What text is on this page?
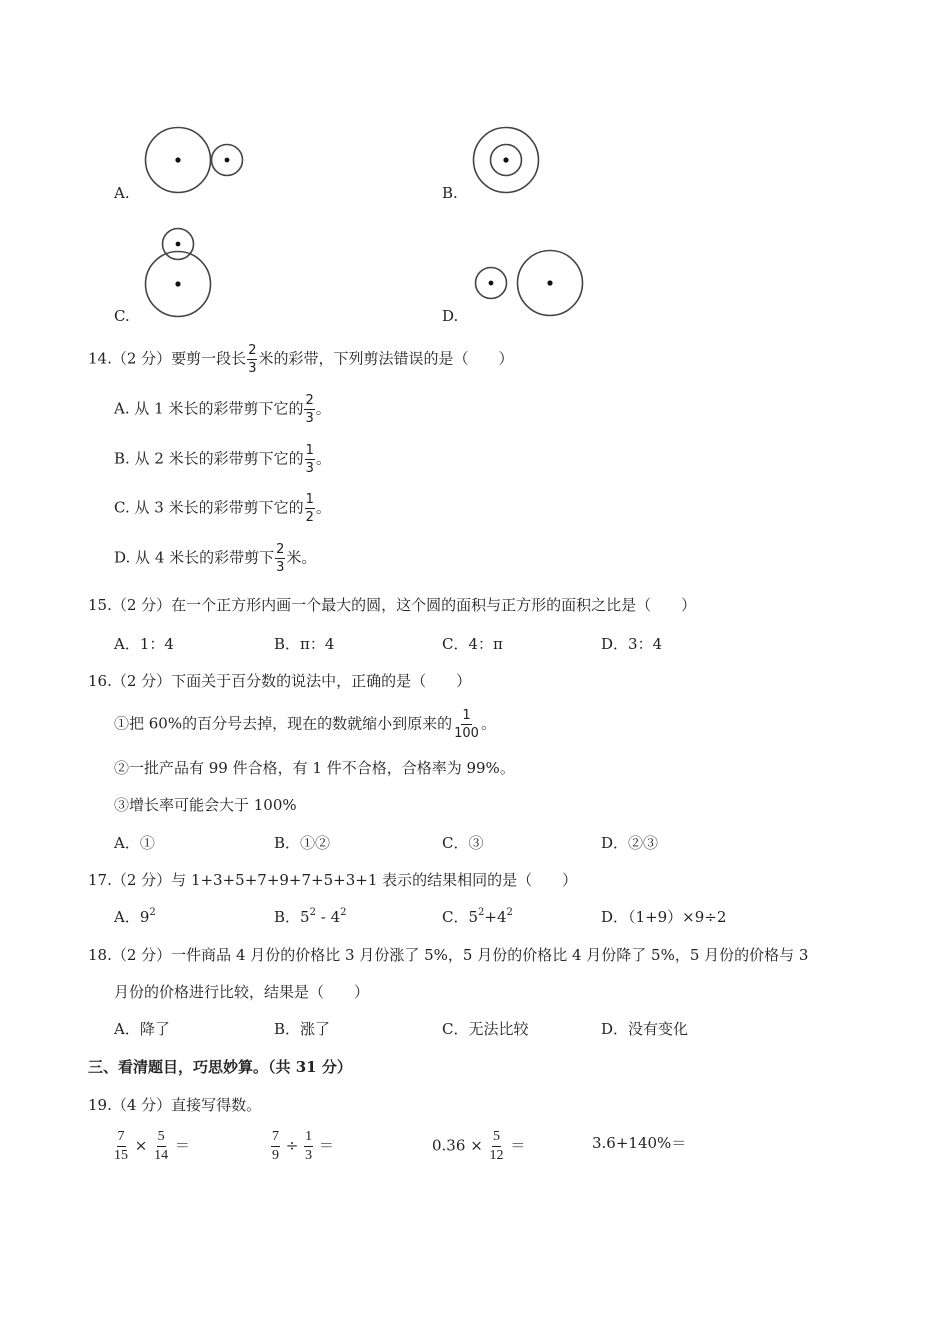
A.	B.
C.	D.
14.（2 分）要剪一段长 $\frac{2}{3}$ 米的彩带，下列剪法错误的是（　　）
A. 从 1 米长的彩带剪下它的 $\frac{2}{3}$ 。
B. 从 2 米长的彩带剪下它的 $\frac{1}{3}$ 。
C. 从 3 米长的彩带剪下它的 $\frac{1}{2}$ 。
D. 从 4 米长的彩带剪下 $\frac{2}{3}$ 米。
15.（2 分）在一个正方形内画一个最大的圆，这个圆的面积与正方形的面积之比是（　　）
A．1：4	B．π：4	C．4：π	D．3：4
16.（2 分）下面关于百分数的说法中，正确的是（　　）
①把 60%的百分号去掉，现在的数就缩小到原来的 $\frac{1}{100}$ 。
②一批产品有 99 件合格，有 1 件不合格，合格率为 99%。
③增长率可能会大于 100%
A．①	B．①②	C．③	D．②③
17.（2 分）与 1+3+5+7+9+7+5+3+1 表示的结果相同的是（　　）
A．$9^2$	B．$5^2 - 4^2$	C．$5^2+4^2$	D．（1+9）×9÷2
18.（2 分）一件商品 4 月份的价格比 3 月份涨了 5%，5 月份的价格比 4 月份降了 5%，5 月份的价格与 3
月份的价格进行比较，结果是（　　）
A．降了	B．涨了	C．无法比较	D．没有变化
三、看清题目，巧思妙算。（共 31 分）
19.（4 分）直接写得数。
$\frac{7}{15} \times \frac{5}{14}$ ＝	$\frac{7}{9} \div \frac{1}{3}$ ＝	$0.36 \times \frac{5}{12}$ ＝	3.6+140%＝
